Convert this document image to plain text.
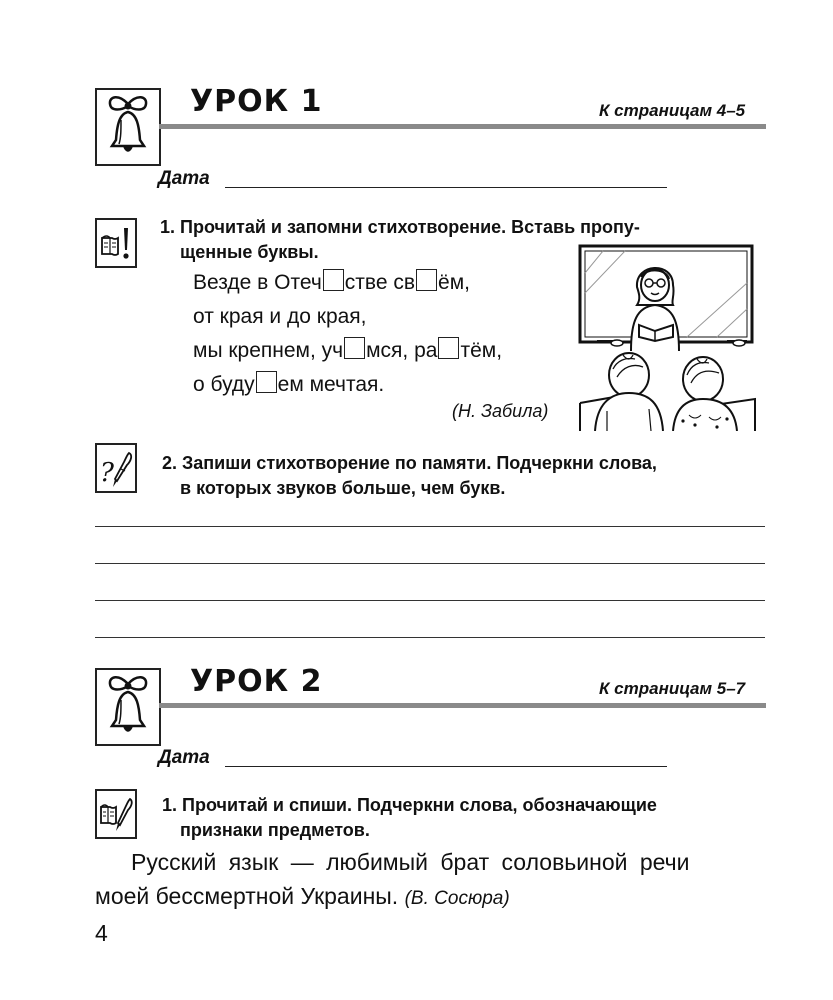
УРОК 1	К страницам 4–5
Дата
1. Прочитай и запомни стихотворение. Вставь пропу-
щенные буквы.
Везде в Отеч стве св ём,
от края и до края,
мы крепнем, уч мся, ра тём,
о буду ем мечтая.
(Н. Забила)
?	2. Запиши стихотворение по памяти. Подчеркни слова,
в которых звуков больше, чем букв.
УРОК 2	К страницам 5–7
Дата
1. Прочитай и спиши. Подчеркни слова, обозначающие
признаки предметов.
Русский язык — любимый брат соловьиной речи
моей бессмертной Украины. (В. Сосюра)
4
